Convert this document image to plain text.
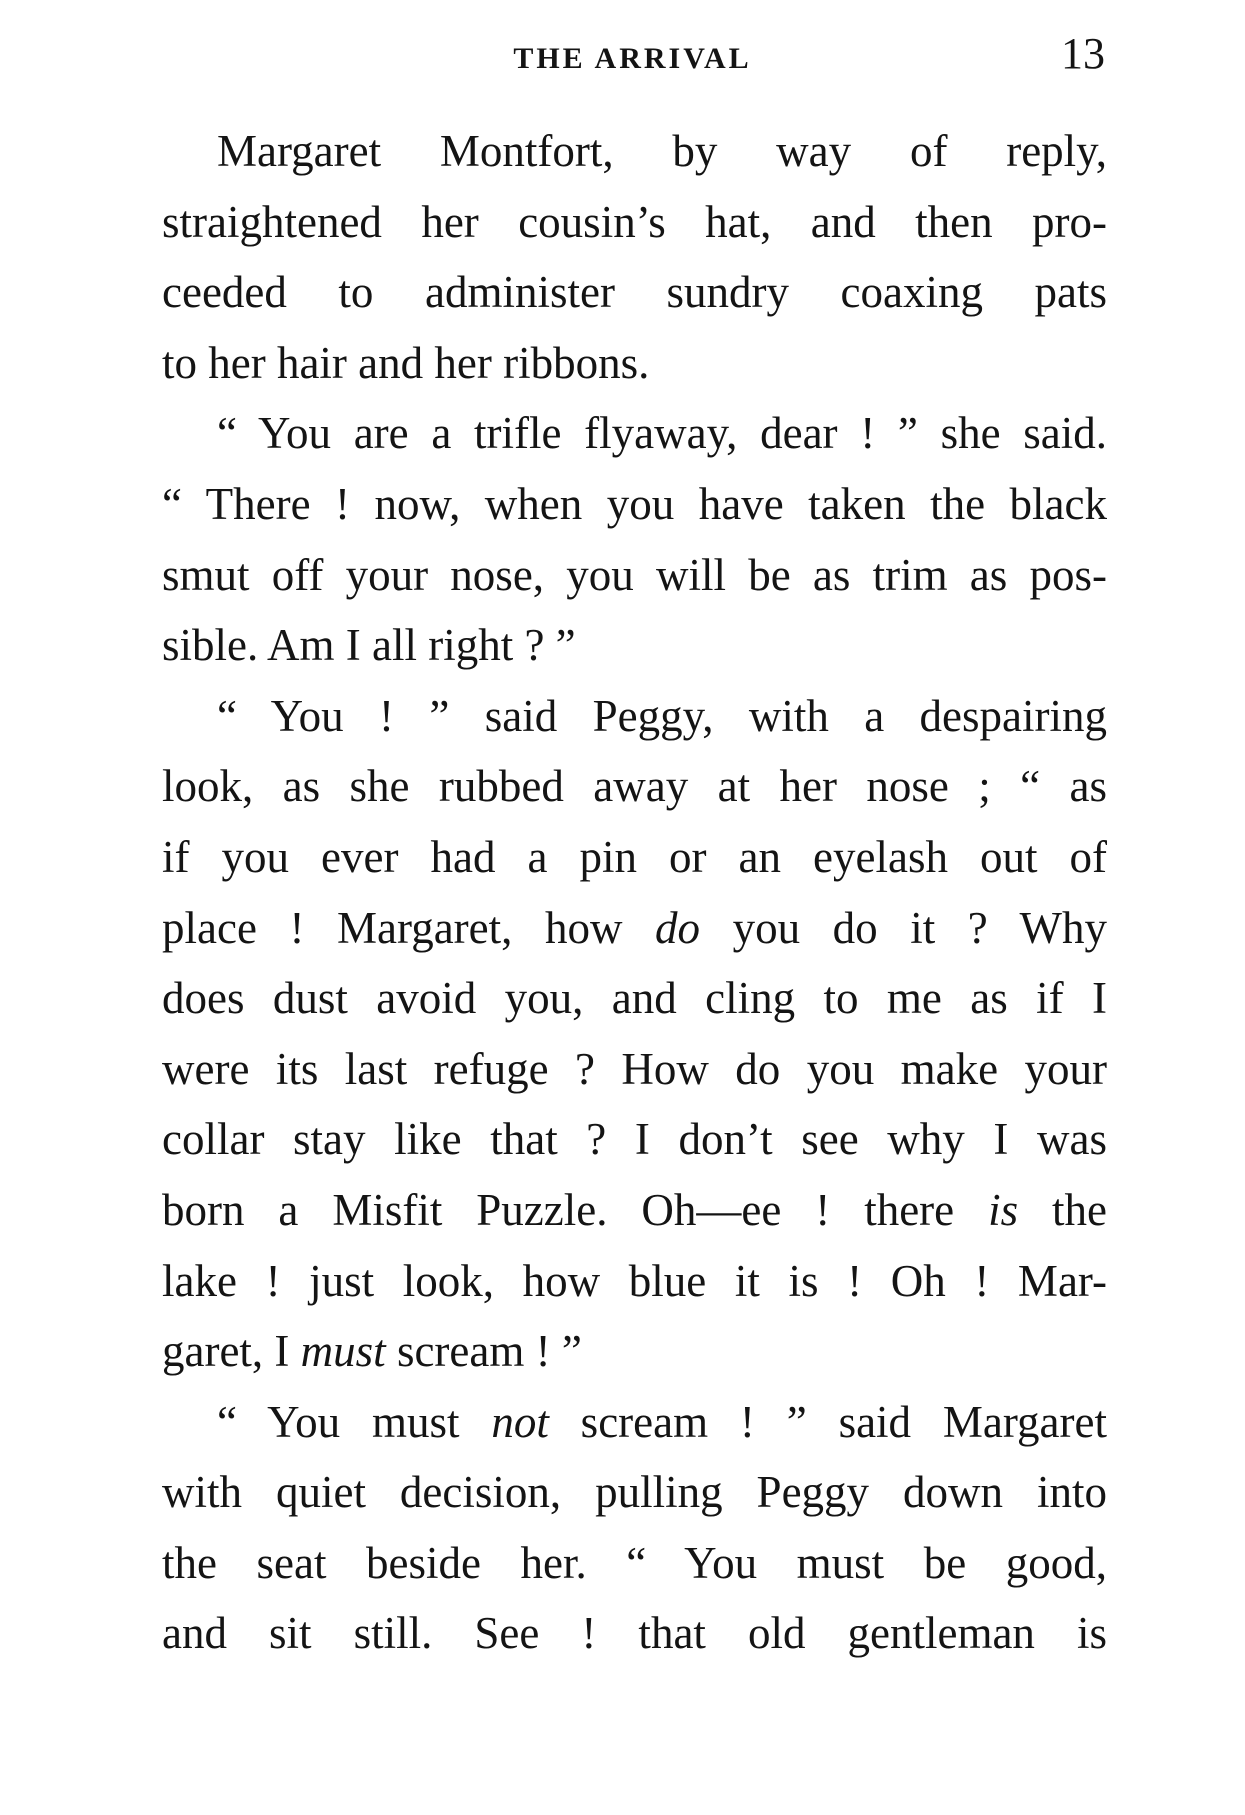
THE ARRIVAL	13
Margaret Montfort, by way of reply,
straightened her cousin’s hat, and then pro-
ceeded to administer sundry coaxing pats
to her hair and her ribbons.
“ You are a trifle flyaway, dear ! ” she said.
“ There ! now, when you have taken the black
smut off your nose, you will be as trim as pos-
sible. Am I all right ? ”
“ You ! ” said Peggy, with a despairing
look, as she rubbed away at her nose ; “ as
if you ever had a pin or an eyelash out of
place ! Margaret, how do you do it ? Why
does dust avoid you, and cling to me as if I
were its last refuge ? How do you make your
collar stay like that ? I don’t see why I was
born a Misfit Puzzle. Oh—ee ! there is the
lake ! just look, how blue it is ! Oh ! Mar-
garet, I must scream ! ”
“ You must not scream ! ” said Margaret
with quiet decision, pulling Peggy down into
the seat beside her. “ You must be good,
and sit still. See ! that old gentleman is
